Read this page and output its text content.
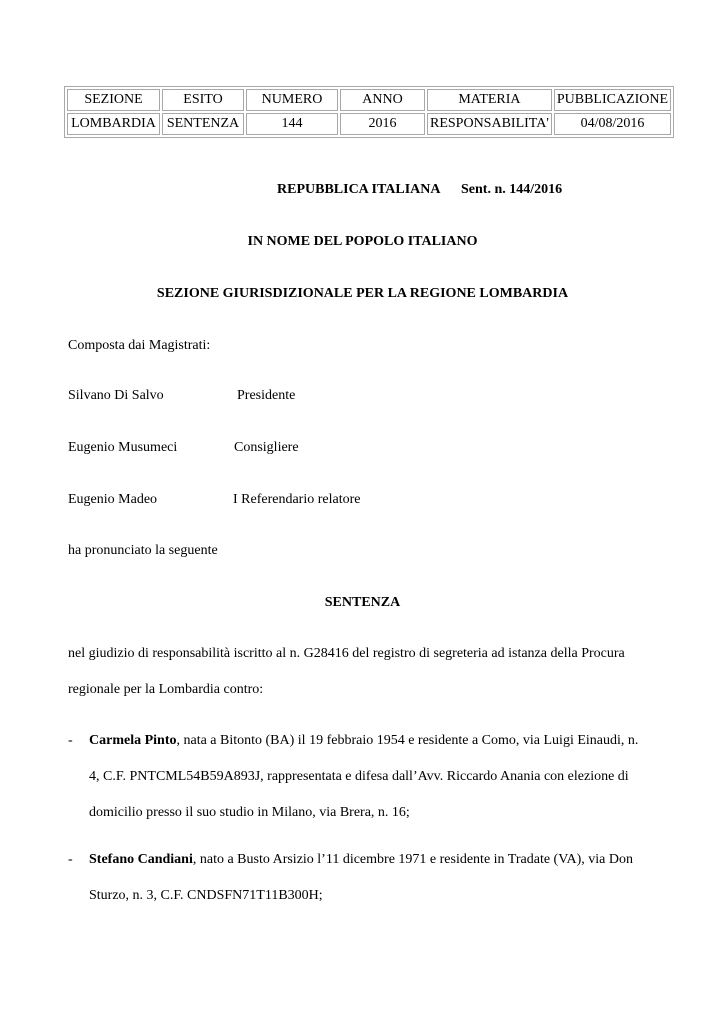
SEZIONE	ESITO	NUMERO	ANNO	MATERIA	PUBBLICAZIONE
LOMBARDIA	SENTENZA	144	2016	RESPONSABILITA'	04/08/2016
REPUBBLICA ITALIANA Sent. n. 144/2016
IN NOME DEL POPOLO ITALIANO
SEZIONE GIURISDIZIONALE PER LA REGIONE LOMBARDIA
Composta dai Magistrati:
Silvano Di Salvo	Presidente
Eugenio Musumeci	Consigliere
Eugenio Madeo	I Referendario relatore
ha pronunciato la seguente
SENTENZA
nel giudizio di responsabilità iscritto al n. G28416 del registro di segreteria ad istanza della Procura
regionale per la Lombardia contro:
- Carmela Pinto, nata a Bitonto (BA) il 19 febbraio 1954 e residente a Como, via Luigi Einaudi, n.
4, C.F. PNTCML54B59A893J, rappresentata e difesa dall’Avv. Riccardo Anania con elezione di
domicilio presso il suo studio in Milano, via Brera, n. 16;
- Stefano Candiani, nato a Busto Arsizio l’11 dicembre 1971 e residente in Tradate (VA), via Don
Sturzo, n. 3, C.F. CNDSFN71T11B300H;
